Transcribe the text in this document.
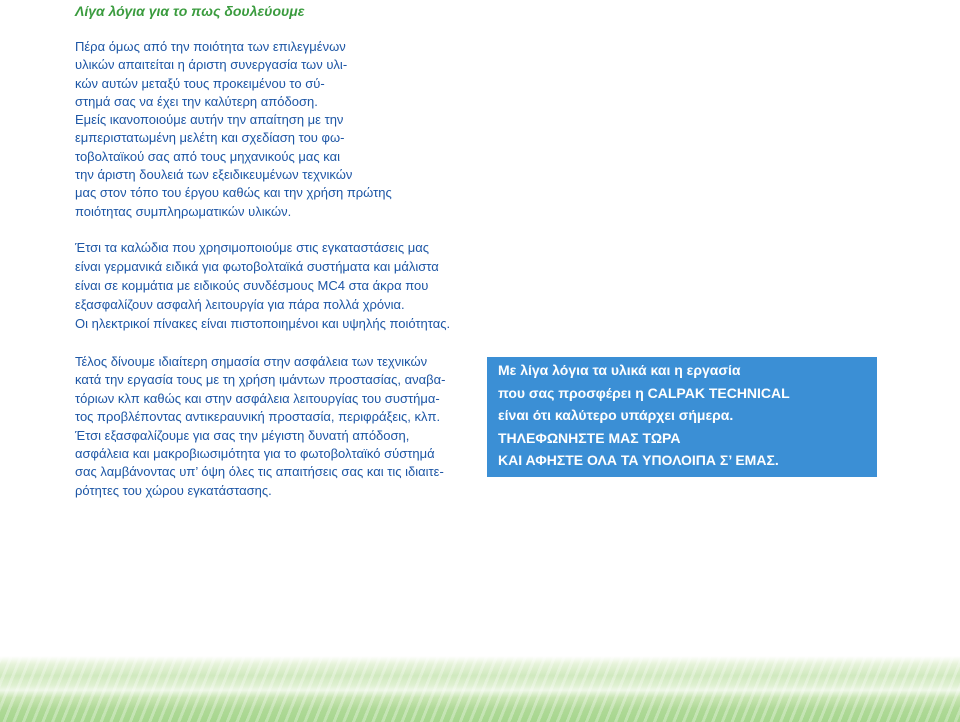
Λίγα λόγια για το πως δουλεύουμε
Πέρα όμως από την ποιότητα των επιλεγμένων
υλικών απαιτείται η άριστη συνεργασία των υλι-
κών αυτών μεταξύ τους προκειμένου το σύ-
στημά σας να έχει την καλύτερη απόδοση.
Εμείς ικανοποιούμε αυτήν την απαίτηση με την
εμπεριστατωμένη μελέτη και σχεδίαση του φω-
τοβολταϊκού σας από τους μηχανικούς μας και
την άριστη δουλειά των εξειδικευμένων τεχνικών
μας στον τόπο του έργου καθώς και την χρήση πρώτης
ποιότητας συμπληρωματικών υλικών.
Έτσι τα καλώδια που χρησιμοποιούμε στις εγκαταστάσεις μας
είναι γερμανικά ειδικά για φωτοβολταϊκά συστήματα και μάλιστα
είναι σε κομμάτια με ειδικούς συνδέσμους MC4 στα άκρα που
εξασφαλίζουν ασφαλή λειτουργία για πάρα πολλά χρόνια.
Οι ηλεκτρικοί πίνακες είναι πιστοποιημένοι και υψηλής ποιότητας.
Τέλος δίνουμε ιδιαίτερη σημασία στην ασφάλεια των τεχνικών
κατά την εργασία τους με τη χρήση ιμάντων προστασίας, αναβα-
τόριων κλπ καθώς και στην ασφάλεια λειτουργίας του συστήμα-
τος προβλέποντας αντικεραυνική προστασία, περιφράξεις, κλπ.
Έτσι εξασφαλίζουμε για σας την μέγιστη δυνατή απόδοση,
ασφάλεια και μακροβιωσιμότητα για το φωτοβολταϊκό σύστημά
σας λαμβάνοντας υπ’ όψη όλες τις απαιτήσεις σας και τις ιδιαιτε-
ρότητες του χώρου εγκατάστασης.
Με λίγα λόγια τα υλικά και η εργασία
που σας προσφέρει η CALPAK TECHNICAL
είναι ότι καλύτερο υπάρχει σήμερα.
ΤΗΛΕΦΩΝΗΣΤΕ ΜΑΣ ΤΩΡΑ
ΚΑΙ ΑΦΗΣΤΕ ΟΛΑ ΤΑ ΥΠΟΛΟΙΠΑ Σ’ ΕΜΑΣ.
